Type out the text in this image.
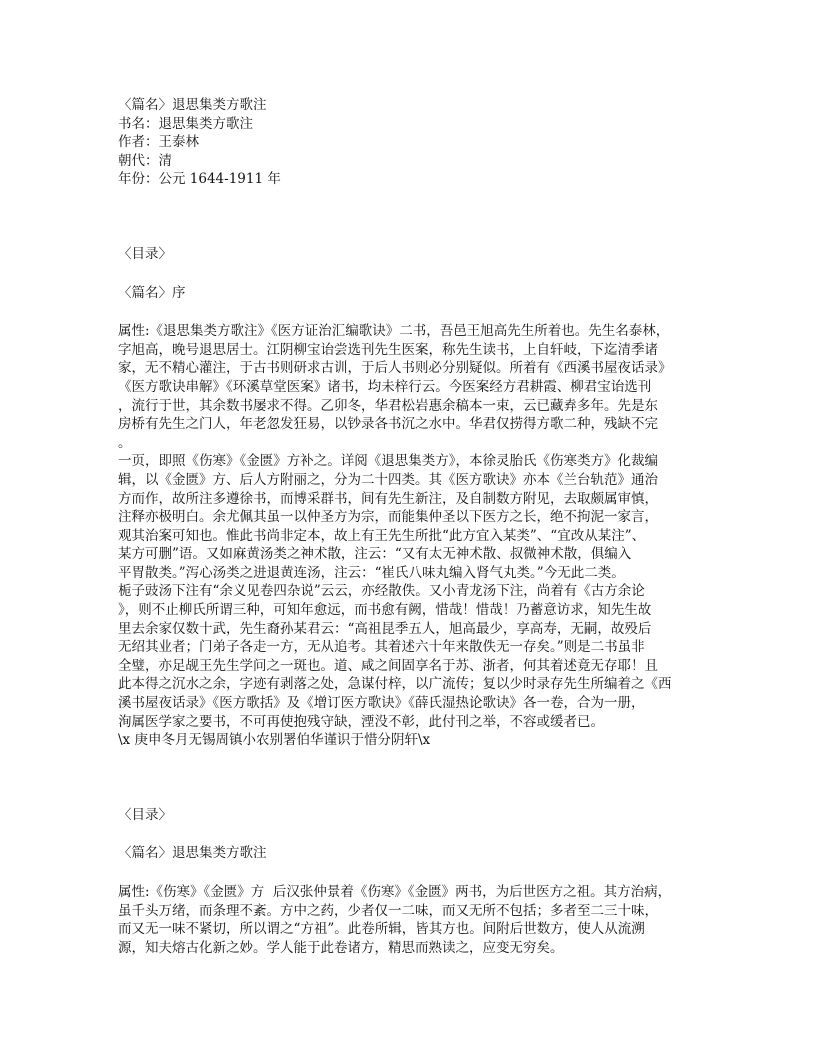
〈篇名〉退思集类方歌注
书名：退思集类方歌注
作者：王泰林
朝代：清
年份：公元 1644-1911 年
〈目录〉
〈篇名〉序
属性:《退思集类方歌注》《医方证治汇编歌诀》二书，吾邑王旭高先生所着也。先生名泰林，
字旭高，晚号退思居士。江阴柳宝诒尝选刊先生医案，称先生读书，上自轩岐，下迄清季诸
家，无不精心灌注，于古书则研求古训，于后人书则必分别疑似。所着有《西溪书屋夜话录》
《医方歌诀串解》《环溪草堂医案》诸书，均未梓行云。今医案经方君耕霞、柳君宝诒选刊
，流行于世，其余数书屡求不得。乙卯冬，华君松岩惠余稿本一束，云已藏弆多年。先是东
房桥有先生之门人，年老忽发狂易，以钞录各书沉之水中。华君仅捞得方歌二种，残缺不完
。
一页，即照《伤寒》《金匮》方补之。详阅《退思集类方》，本徐灵胎氏《伤寒类方》化裁编
辑，以《金匮》方、后人方附丽之，分为二十四类。其《医方歌诀》亦本《兰台轨范》通治
方而作，故所注多遵徐书，而博采群书，间有先生新注，及自制数方附见，去取颇属审慎，
注释亦极明白。余尤佩其虽一以仲圣方为宗，而能集仲圣以下医方之长，绝不拘泥一家言，
观其治案可知也。惟此书尚非定本，故上有王先生所批“此方宜入某类”、“宜改从某注”、
某方可删”语。又如麻黄汤类之神术散，注云：“又有太无神术散、叔微神术散，俱编入
平胃散类。”泻心汤类之进退黄连汤，注云：“崔氏八味丸编入肾气丸类。”今无此二类。
栀子豉汤下注有“余义见卷四杂说”云云，亦经散佚。又小青龙汤下注，尚着有《古方余论
》，则不止柳氏所谓三种，可知年愈远，而书愈有阙，惜哉！惜哉！乃蓄意访求，知先生故
里去余家仅数十武，先生裔孙某君云：“高祖昆季五人，旭高最少，享高寿，无嗣，故殁后
无绍其业者；门弟子各走一方，无从追考。其着述六十年来散佚无一存矣。”则是二书虽非
全璧，亦足觇王先生学问之一斑也。道、咸之间固享名于苏、浙者，何其着述竟无存耶！且
此本得之沉水之余，字迹有剥落之处，急谋付梓，以广流传；复以少时录存先生所编着之《西
溪书屋夜话录》《医方歌括》及《增订医方歌诀》《薛氏湿热论歌诀》各一卷，合为一册，
洵属医学家之要书，不可再使抱残守缺，湮没不彰，此付刊之举，不容或缓者已。
\x 庚申冬月无锡周镇小农别署伯华谨识于惜分阴轩\x
〈目录〉
〈篇名〉退思集类方歌注
属性:《伤寒》《金匮》方  后汉张仲景着《伤寒》《金匮》两书，为后世医方之祖。其方治病，
虽千头万绪，而条理不紊。方中之药，少者仅一二味，而又无所不包括；多者至二三十味，
而又无一味不紧切，所以谓之“方祖”。此卷所辑，皆其方也。间附后世数方，使人从流溯
源，知夫熔古化新之妙。学人能于此卷诸方，精思而熟读之，应变无穷矣。
